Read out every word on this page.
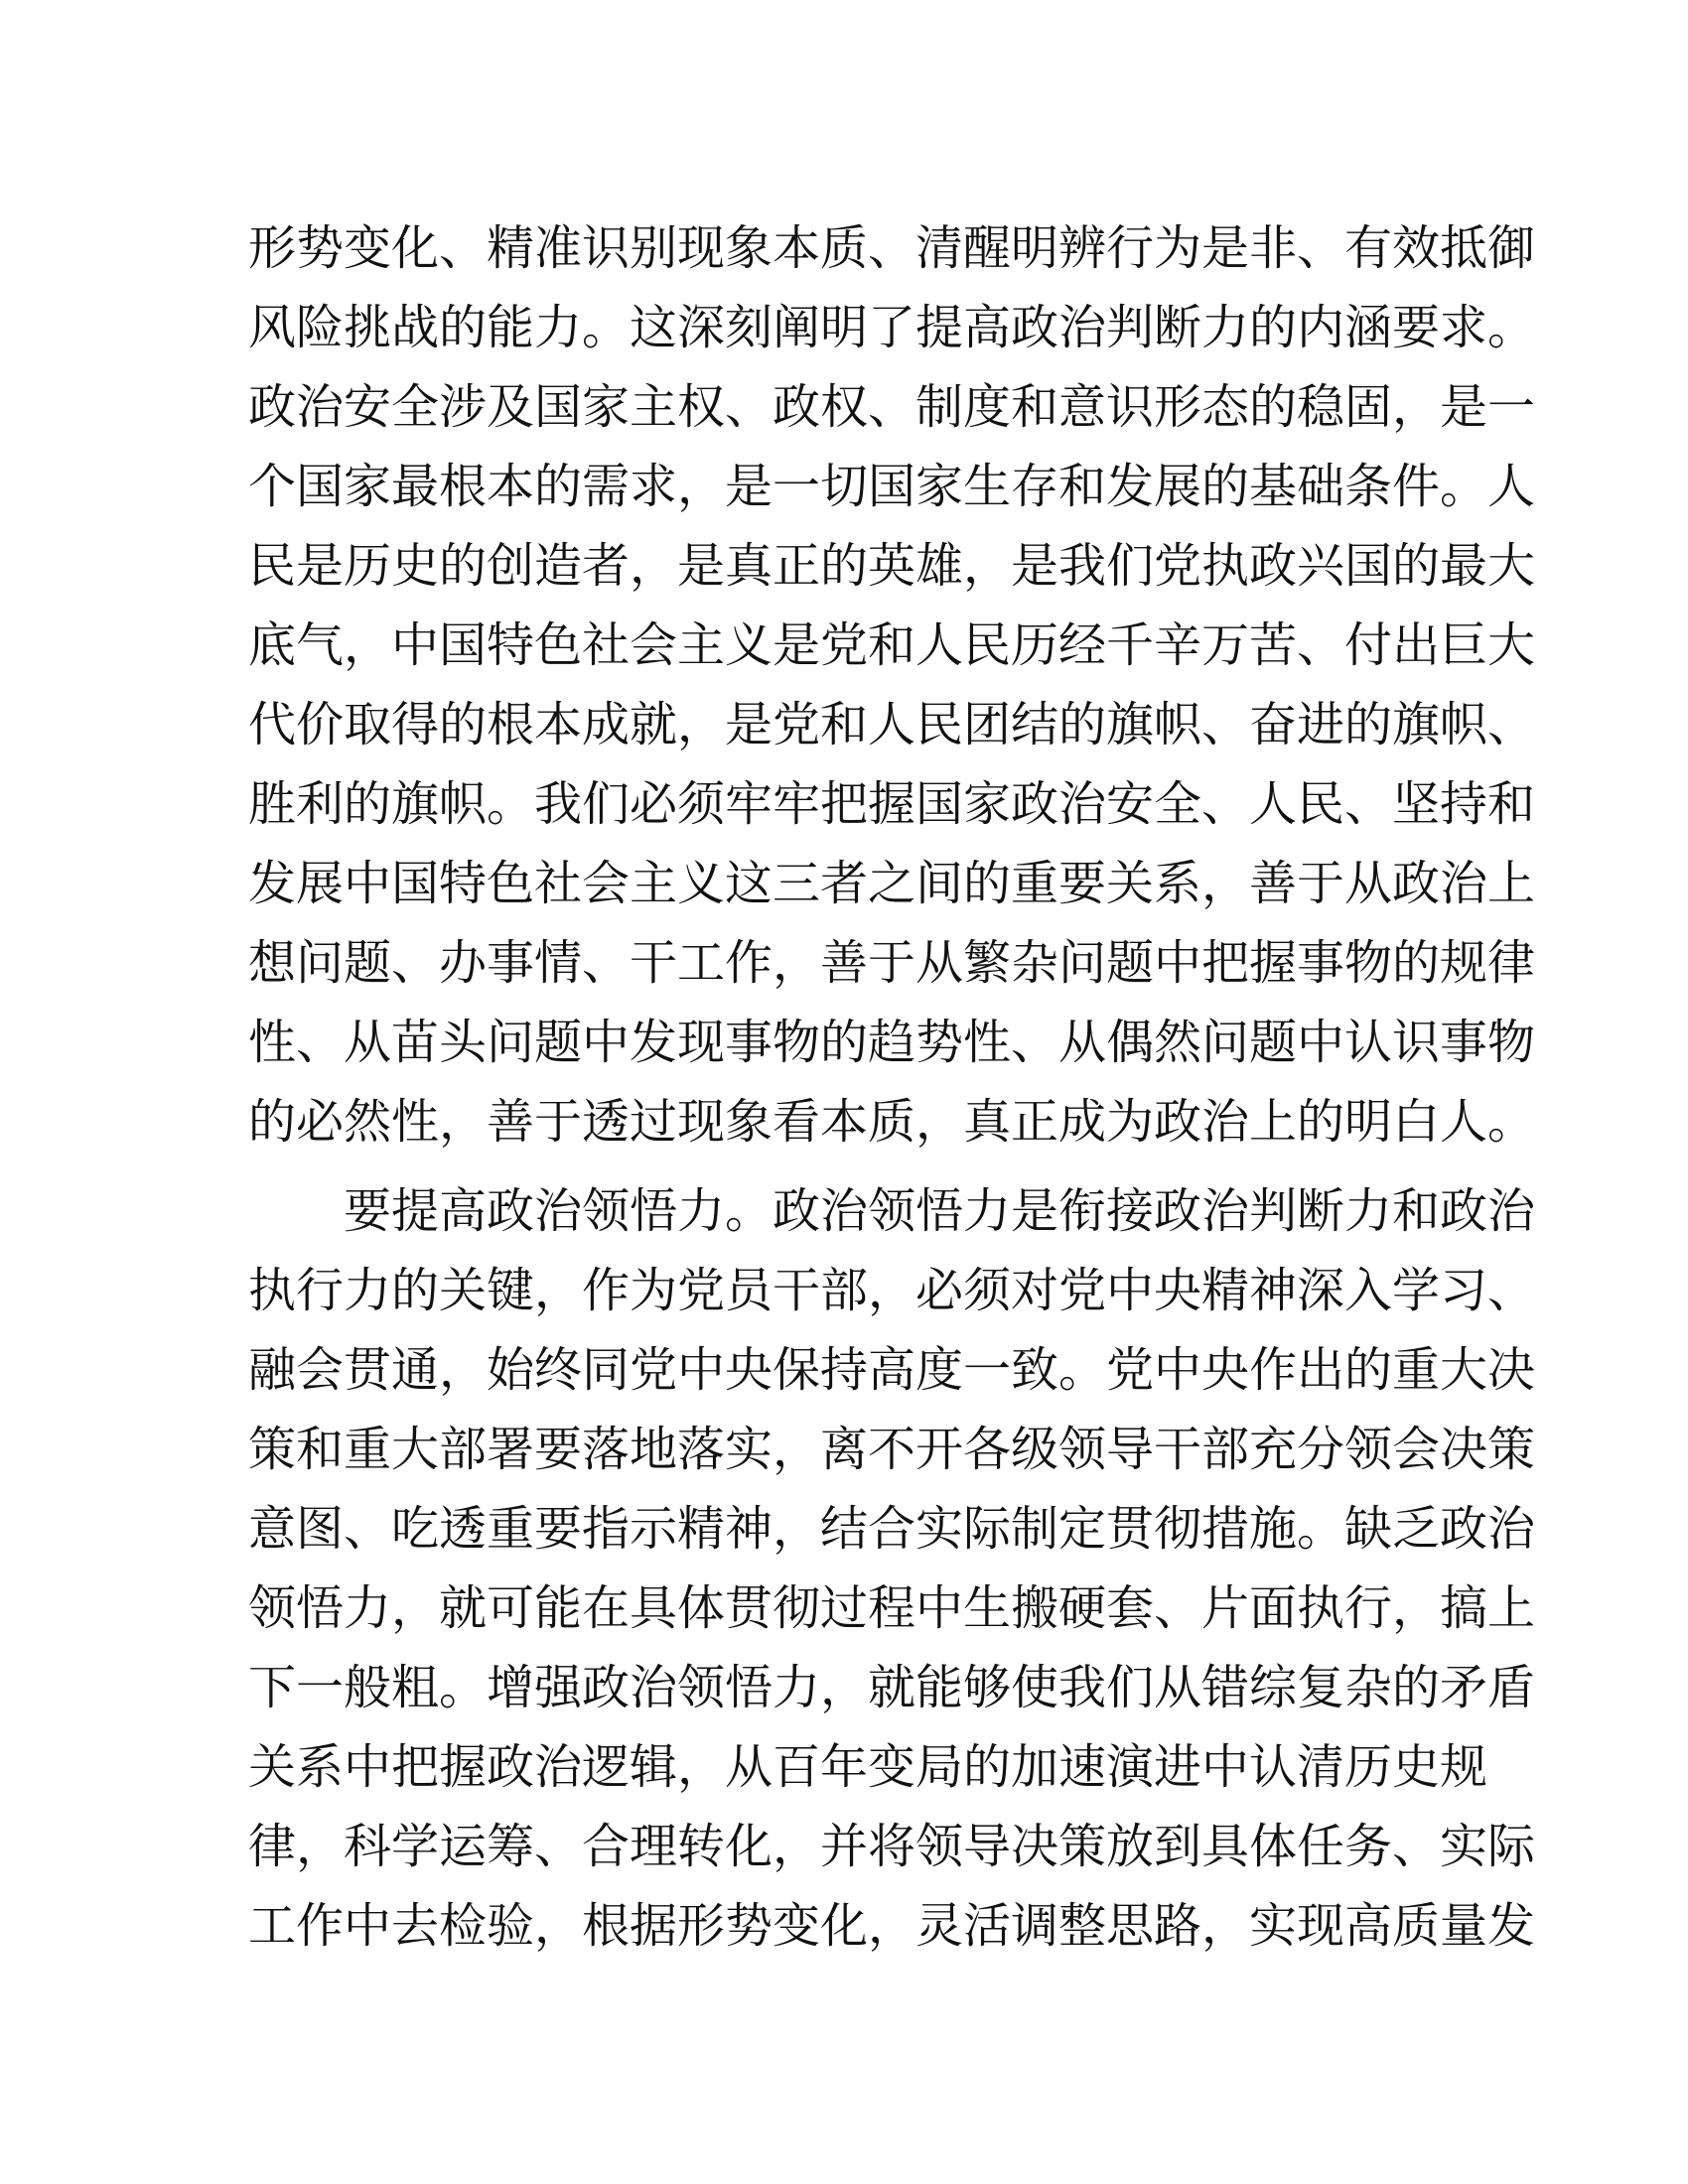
形势变化、精准识别现象本质、清醒明辨行为是非、有效抵御
风险挑战的能力。这深刻阐明了提高政治判断力的内涵要求。
政治安全涉及国家主权、政权、制度和意识形态的稳固，是一
个国家最根本的需求，是一切国家生存和发展的基础条件。人
民是历史的创造者，是真正的英雄，是我们党执政兴国的最大
底气，中国特色社会主义是党和人民历经千辛万苦、付出巨大
代价取得的根本成就，是党和人民团结的旗帜、奋进的旗帜、
胜利的旗帜。我们必须牢牢把握国家政治安全、人民、坚持和
发展中国特色社会主义这三者之间的重要关系，善于从政治上
想问题、办事情、干工作，善于从繁杂问题中把握事物的规律
性、从苗头问题中发现事物的趋势性、从偶然问题中认识事物
的必然性，善于透过现象看本质，真正成为政治上的明白人。
要提高政治领悟力。政治领悟力是衔接政治判断力和政治
执行力的关键，作为党员干部，必须对党中央精神深入学习、
融会贯通，始终同党中央保持高度一致。党中央作出的重大决
策和重大部署要落地落实，离不开各级领导干部充分领会决策
意图、吃透重要指示精神，结合实际制定贯彻措施。缺乏政治
领悟力，就可能在具体贯彻过程中生搬硬套、片面执行，搞上
下一般粗。增强政治领悟力，就能够使我们从错综复杂的矛盾
关系中把握政治逻辑，从百年变局的加速演进中认清历史规
律，科学运筹、合理转化，并将领导决策放到具体任务、实际
工作中去检验，根据形势变化，灵活调整思路，实现高质量发
